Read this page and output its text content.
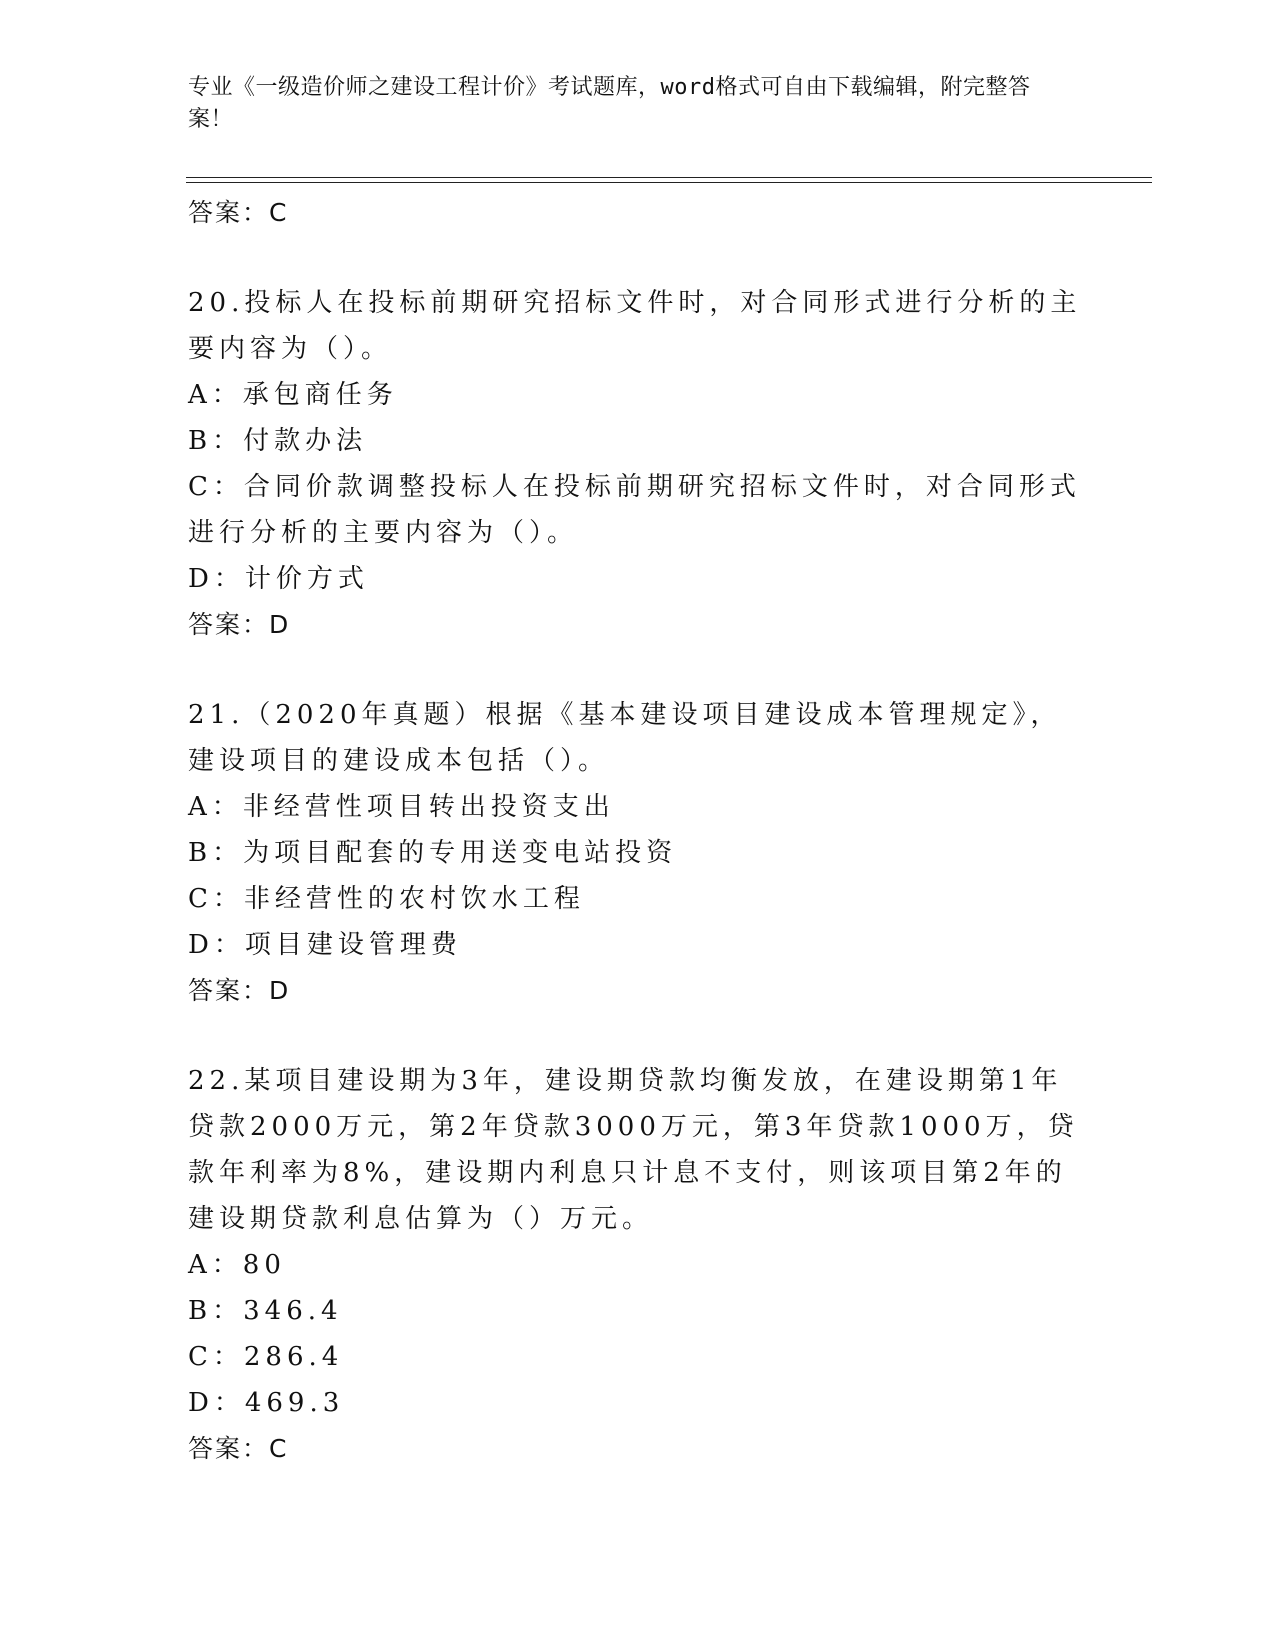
专业《一级造价师之建设工程计价》考试题库，word格式可自由下载编辑，附完整答案！

答案：C

20.投标人在投标前期研究招标文件时，对合同形式进行分析的主要内容为（）。

A：承包商任务

B：付款办法

C：合同价款调整投标人在投标前期研究招标文件时，对合同形式进行分析的主要内容为（）。

D：计价方式

答案：D

21.（2020年真题）根据《基本建设项目建设成本管理规定》，建设项目的建设成本包括（）。

A：非经营性项目转出投资支出

B：为项目配套的专用送变电站投资

C：非经营性的农村饮水工程

D：项目建设管理费

答案：D

22.某项目建设期为3年，建设期贷款均衡发放，在建设期第1年贷款2000万元，第2年贷款3000万元，第3年贷款1000万，贷款年利率为8%，建设期内利息只计息不支付，则该项目第2年的建设期贷款利息估算为（）万元。

A：80

B：346.4

C：286.4

D：469.3

答案：C
